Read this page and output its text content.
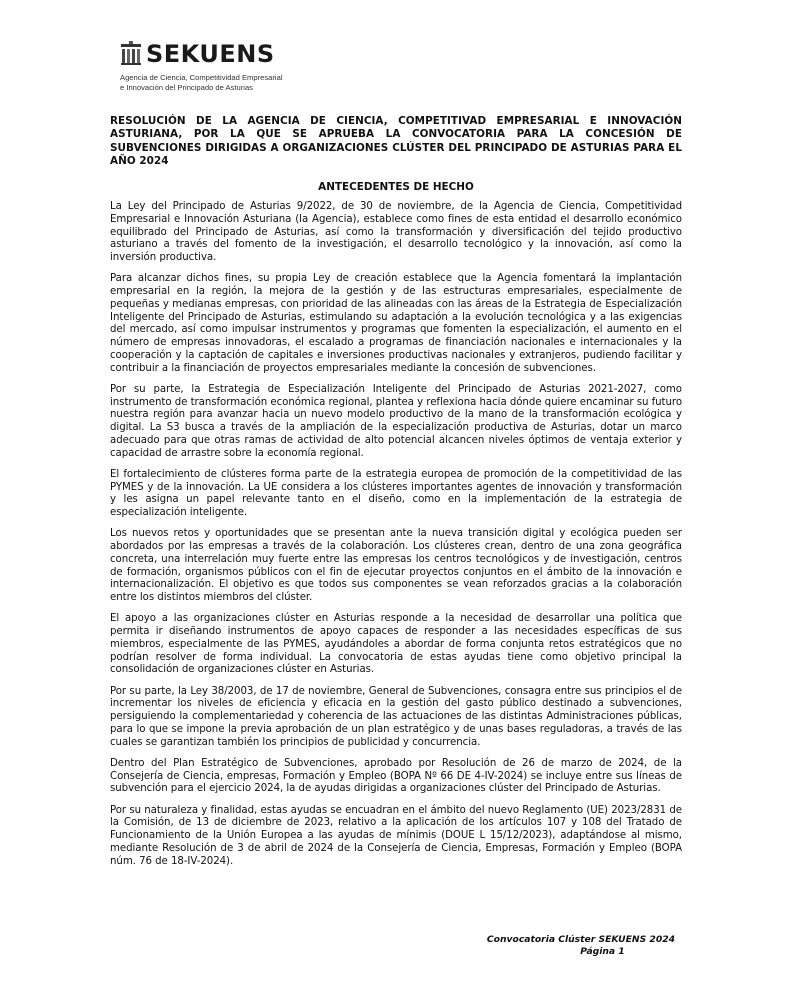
SEKUENS
Agencia de Ciencia, Competitividad Empresarial
e Innovación del Principado de Asturias
RESOLUCIÓN DE LA AGENCIA DE CIENCIA, COMPETITIVAD EMPRESARIAL E INNOVACIÓN ASTURIANA, POR LA QUE SE APRUEBA LA CONVOCATORIA PARA LA CONCESIÓN DE SUBVENCIONES DIRIGIDAS A ORGANIZACIONES CLÚSTER DEL PRINCIPADO DE ASTURIAS PARA EL AÑO 2024
ANTECEDENTES DE HECHO

La Ley del Principado de Asturias 9/2022, de 30 de noviembre, de la Agencia de Ciencia, Competitividad Empresarial e Innovación Asturiana (la Agencia), establece como fines de esta entidad el desarrollo económico equilibrado del Principado de Asturias, así como la transformación y diversificación del tejido productivo asturiano a través del fomento de la investigación, el desarrollo tecnológico y la innovación, así como la inversión productiva.

Para alcanzar dichos fines, su propia Ley de creación establece que la Agencia fomentará la implantación empresarial en la región, la mejora de la gestión y de las estructuras empresariales, especialmente de pequeñas y medianas empresas, con prioridad de las alineadas con las áreas de la Estrategia de Especialización Inteligente del Principado de Asturias, estimulando su adaptación a la evolución tecnológica y a las exigencias del mercado, así como impulsar instrumentos y programas que fomenten la especialización, el aumento en el número de empresas innovadoras, el escalado a programas de financiación nacionales e internacionales y la cooperación y la captación de capitales e inversiones productivas nacionales y extranjeros, pudiendo facilitar y contribuir a la financiación de proyectos empresariales mediante la concesión de subvenciones.

Por su parte, la Estrategia de Especialización Inteligente del Principado de Asturias 2021-2027, como instrumento de transformación económica regional, plantea y reflexiona hacia dónde quiere encaminar su futuro nuestra región para avanzar hacia un nuevo modelo productivo de la mano de la transformación ecológica y digital. La S3 busca a través de la ampliación de la especialización productiva de Asturias, dotar un marco adecuado para que otras ramas de actividad de alto potencial alcancen niveles óptimos de ventaja exterior y capacidad de arrastre sobre la economía regional.

El fortalecimiento de clústeres forma parte de la estrategia europea de promoción de la competitividad de las PYMES y de la innovación. La UE considera a los clústeres importantes agentes de innovación y transformación y les asigna un papel relevante tanto en el diseño, como en la implementación de la estrategia de especialización inteligente.

Los nuevos retos y oportunidades que se presentan ante la nueva transición digital y ecológica pueden ser abordados por las empresas a través de la colaboración. Los clústeres crean, dentro de una zona geográfica concreta, una interrelación muy fuerte entre las empresas los centros tecnológicos y de investigación, centros de formación, organismos públicos con el fin de ejecutar proyectos conjuntos en el ámbito de la innovación e internacionalización. El objetivo es que todos sus componentes se vean reforzados gracias a la colaboración entre los distintos miembros del clúster.

El apoyo a las organizaciones clúster en Asturias responde a la necesidad de desarrollar una política que permita ir diseñando instrumentos de apoyo capaces de responder a las necesidades específicas de sus miembros, especialmente de las PYMES, ayudándoles a abordar de forma conjunta retos estratégicos que no podrían resolver de forma individual. La convocatoria de estas ayudas tiene como objetivo principal la consolidación de organizaciones clúster en Asturias.

Por su parte, la Ley 38/2003, de 17 de noviembre, General de Subvenciones, consagra entre sus principios el de incrementar los niveles de eficiencia y eficacia en la gestión del gasto público destinado a subvenciones, persiguiendo la complementariedad y coherencia de las actuaciones de las distintas Administraciones públicas, para lo que se impone la previa aprobación de un plan estratégico y de unas bases reguladoras, a través de las cuales se garantizan también los principios de publicidad y concurrencia.

Dentro del Plan Estratégico de Subvenciones, aprobado por Resolución de 26 de marzo de 2024, de la Consejería de Ciencia, empresas, Formación y Empleo (BOPA Nº 66 DE 4-IV-2024) se incluye entre sus líneas de subvención para el ejercicio 2024, la de ayudas dirigidas a organizaciones clúster del Principado de Asturias.

Por su naturaleza y finalidad, estas ayudas se encuadran en el ámbito del nuevo Reglamento (UE) 2023/2831 de la Comisión, de 13 de diciembre de 2023, relativo a la aplicación de los artículos 107 y 108 del Tratado de Funcionamiento de la Unión Europea a las ayudas de mínimis (DOUE L 15/12/2023), adaptándose al mismo, mediante Resolución de 3 de abril de 2024 de la Consejería de Ciencia, Empresas, Formación y Empleo (BOPA núm. 76 de 18-IV-2024).

Convocatoria Clúster SEKUENS 2024
Página 1
